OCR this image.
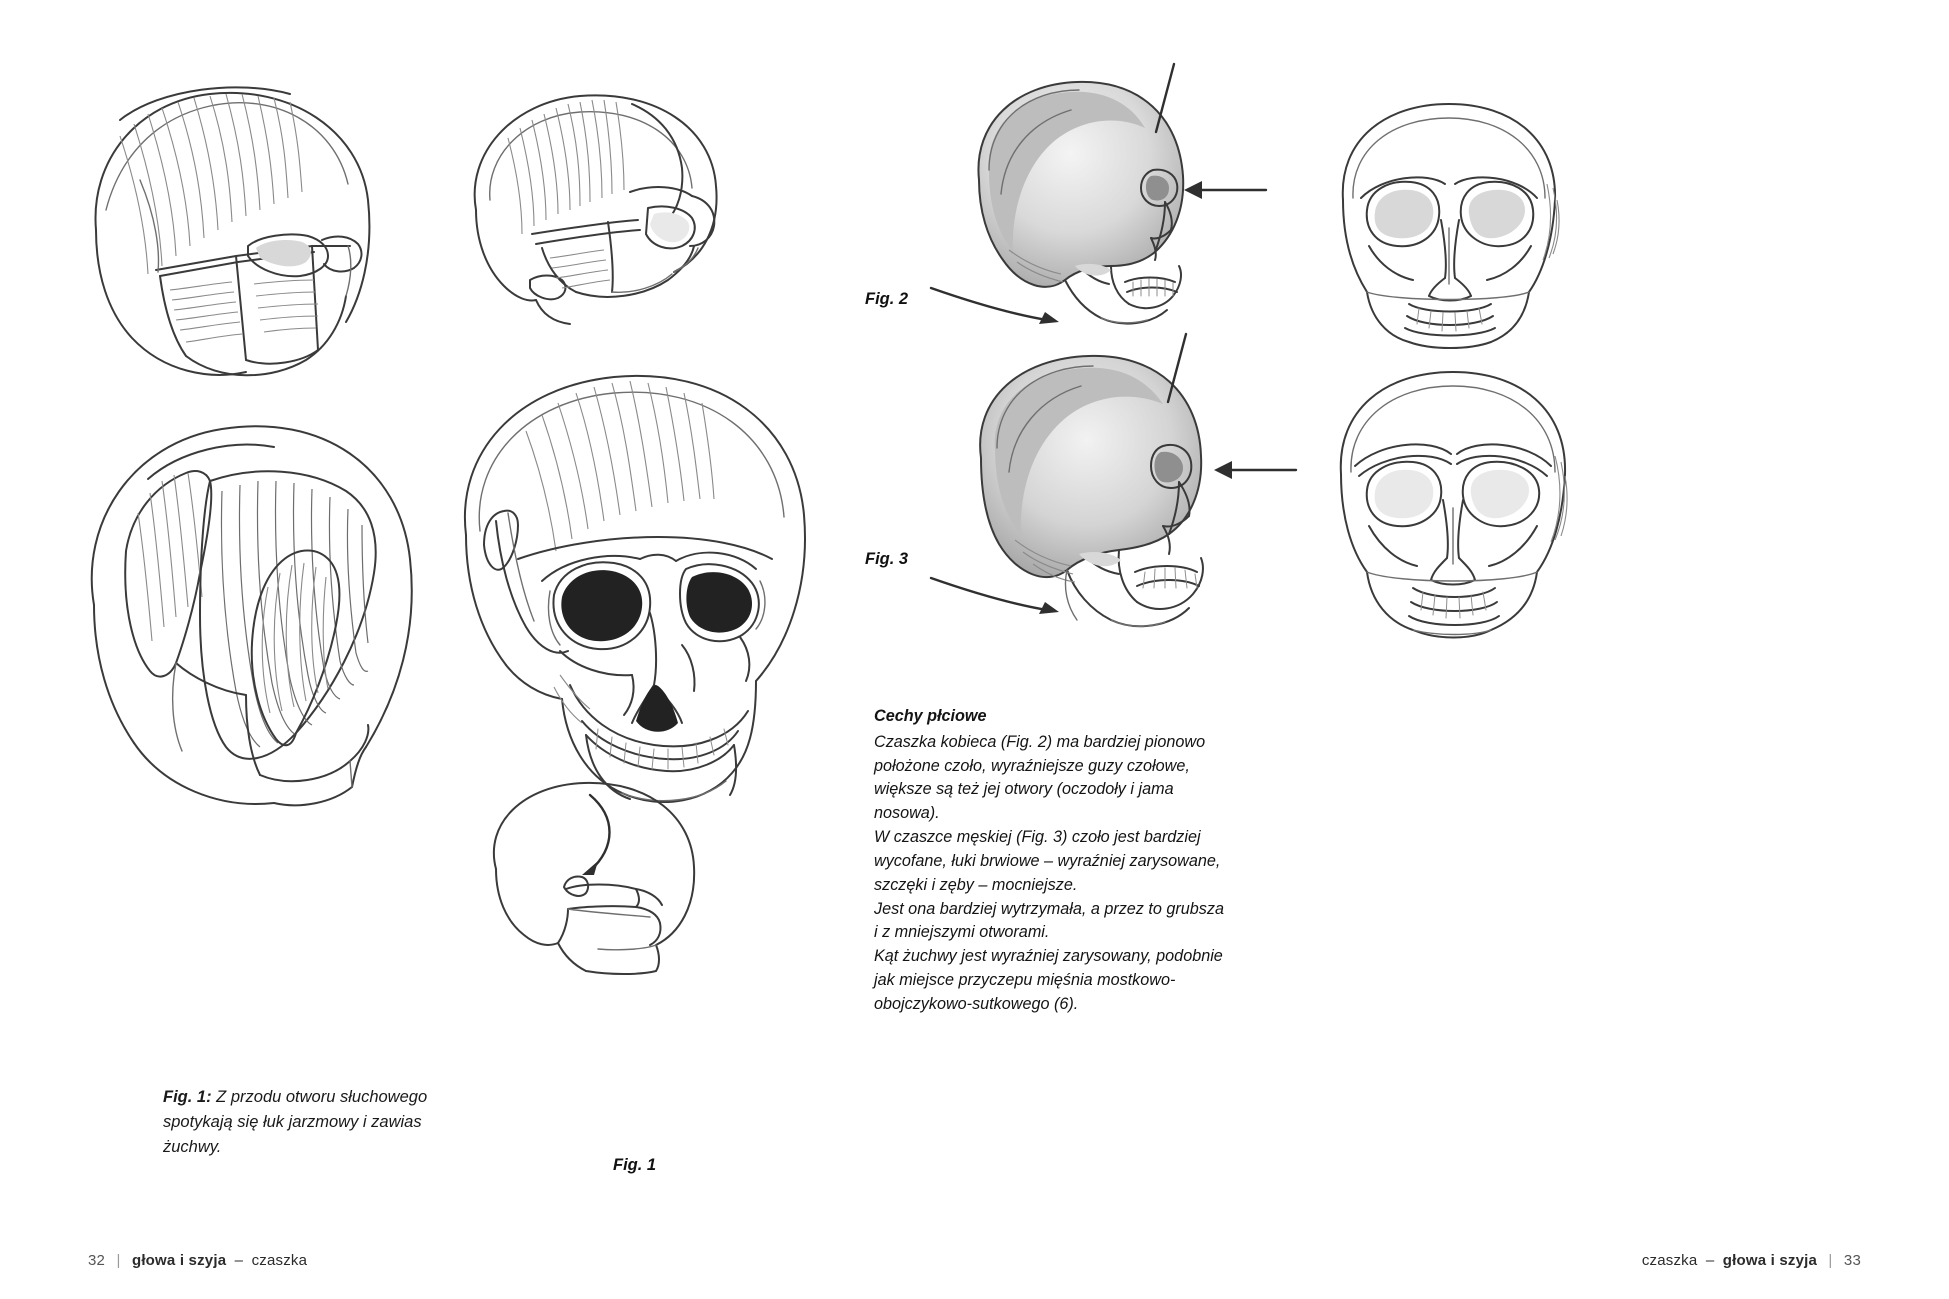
Fig. 1
Fig. 1: Z przodu otworu słuchowego spotykają się łuk jarzmowy i zawias żuchwy.
32 | głowa i szyja – czaszka
Fig. 2
Fig. 3
Cechy płciowe

Czaszka kobieca (Fig. 2) ma bardziej pionowo położone czoło, wyraźniejsze guzy czołowe, większe są też jej otwory (oczodoły i jama nosowa).

W czaszce męskiej (Fig. 3) czoło jest bardziej wycofane, łuki brwiowe – wyraźniej zarysowane, szczęki i zęby – mocniejsze.

Jest ona bardziej wytrzymała, a przez to grubsza i z mniejszymi otworami.

Kąt żuchwy jest wyraźniej zarysowany, podobnie jak miejsce przyczepu mięśnia mostkowo-obojczykowo-sutkowego (6).

czaszka – głowa i szyja | 33
